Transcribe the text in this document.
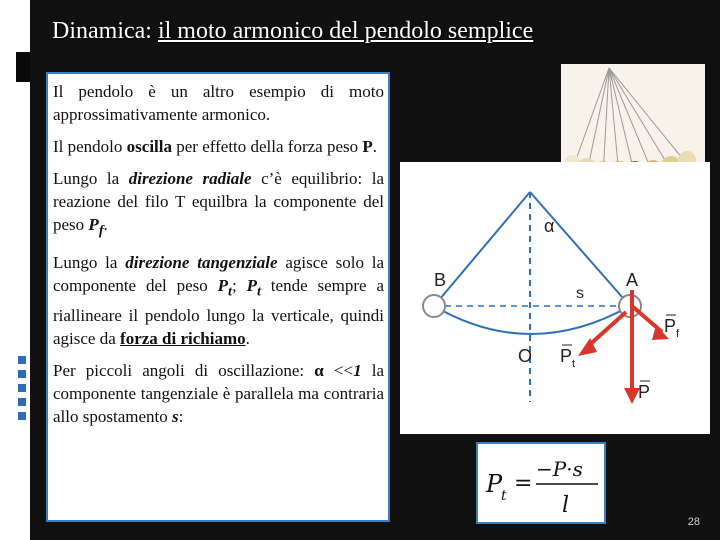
Dinamica: il moto armonico del pendolo semplice

Il pendolo è un altro esempio di moto approssimativamente armonico.

Il pendolo oscilla per effetto della forza peso P.

Lungo la direzione radiale c’è equilibrio: la reazione del filo T equilbra la componente del peso $P_f$.

Lungo la direzione tangenziale agisce solo la componente del peso $P_t$; $P_t$ tende sempre a riallineare il pendolo lungo la verticale, quindi agisce da forza di richiamo.

Per piccoli angoli di oscillazione: α <<1 la componente tangenziale è parallela ma contraria allo spostamento s:

α
B	A
s
O
P f
P t
P
P
t =
−P·s
l
28
